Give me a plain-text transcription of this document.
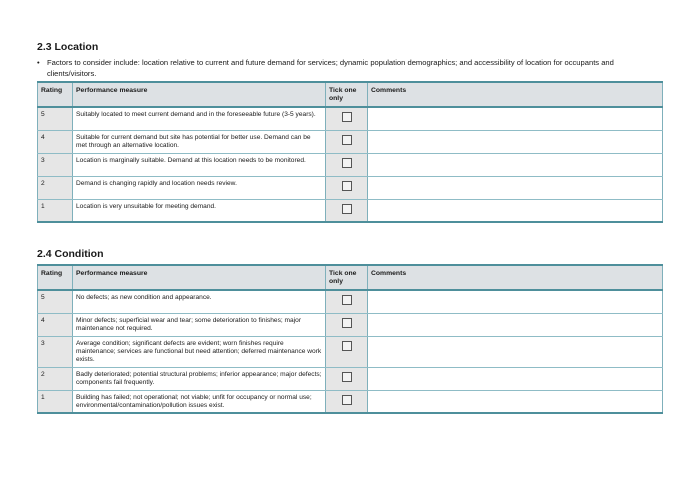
2.3 Location
• Factors to consider include: location relative to current and future demand for services; dynamic population demographics; and accessibility of location for occupants and clients/visitors.
Rating	Performance measure	Tick one only	Comments
5	Suitably located to meet current demand and in the foreseeable future (3-5 years).		
4	Suitable for current demand but site has potential for better use. Demand can be met through an alternative location.		
3	Location is marginally suitable. Demand at this location needs to be monitored.		
2	Demand is changing rapidly and location needs review.		
1	Location is very unsuitable for meeting demand.		
2.4 Condition
Rating	Performance measure	Tick one only	Comments
5	No defects; as new condition and appearance.		
4	Minor defects; superficial wear and tear; some deterioration to finishes; major maintenance not required.		
3	Average condition; significant defects are evident; worn finishes require maintenance; services are functional but need attention; deferred maintenance work exists.		
2	Badly deteriorated; potential structural problems; inferior appearance; major defects; components fail frequently.		
1	Building has failed; not operational; not viable; unfit for occupancy or normal use; environmental/contamination/pollution issues exist.		
